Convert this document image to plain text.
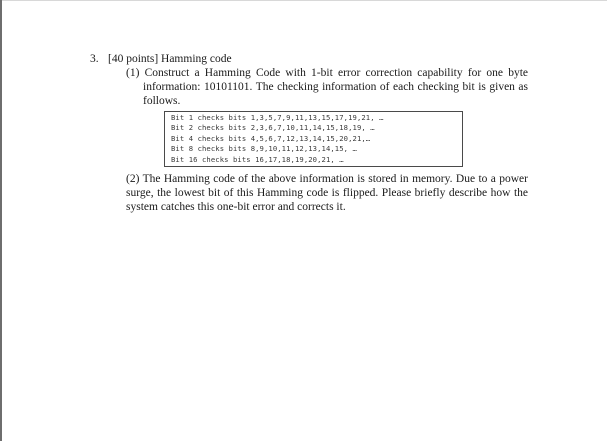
3. [40 points] Hamming code
(1) Construct a Hamming Code with 1-bit error correction capability for one byte information: 10101101. The checking information of each checking bit is given as follows.
Bit 1 checks bits 1,3,5,7,9,11,13,15,17,19,21, …
Bit 2 checks bits 2,3,6,7,10,11,14,15,18,19, …
Bit 4 checks bits 4,5,6,7,12,13,14,15,20,21,…
Bit 8 checks bits 8,9,10,11,12,13,14,15, …
Bit 16 checks bits 16,17,18,19,20,21, …
(2) The Hamming code of the above information is stored in memory. Due to a power surge, the lowest bit of this Hamming code is flipped. Please briefly describe how the system catches this one-bit error and corrects it.
